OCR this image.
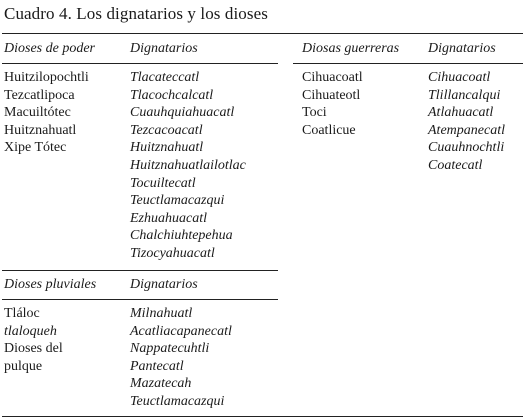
Cuadro 4. Los dignatarios y los dioses
Dioses de poder	Dignatarios
Huitzilopochtli
Tezcatlipoca
Macuiltótec
Huitznahuatl
Xipe Tótec
Tlacateccatl
Tlacochcalcatl
Cuauhquiahuacatl
Tezcacoacatl
Huitznahuatl
Huitznahuatlailotlac
Tocuiltecatl
Teuctlamacazqui
Ezhuahuacatl
Chalchiuhtepehua
Tizocyahuacatl
Diosas guerreras Dignatarios
Cihuacoatl
Cihuateotl
Toci
Coatlicue
Cihuacoatl
Tlillancalqui
Atlahuacatl
Atempanecatl
Cuauhnochtli
Coatecatl
Dioses pluviales Dignatarios
Tláloc
tlaloqueh
Dioses del
pulque
Milnahuatl
Acatliacapanecatl
Nappatecuhtli
Pantecatl
Mazatecah
Teuctlamacazqui
